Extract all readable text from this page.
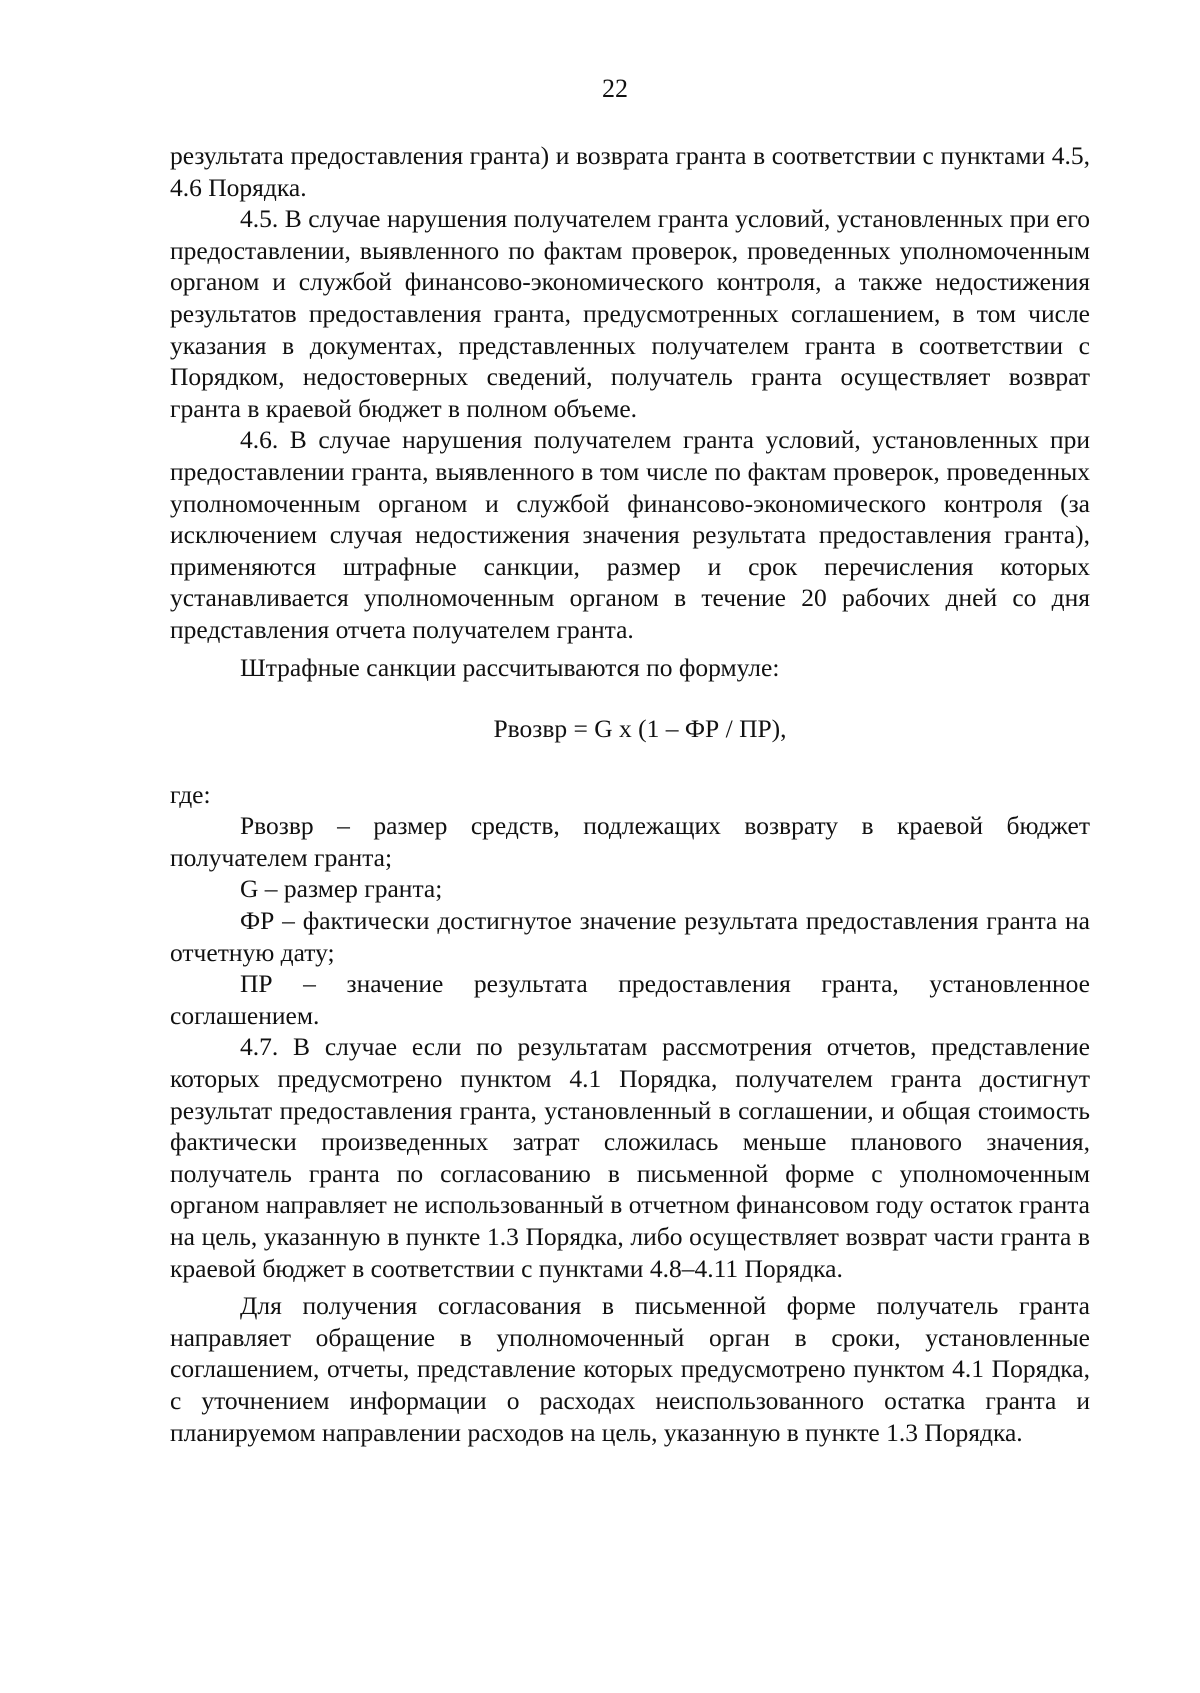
22

результата предоставления гранта) и возврата гранта в соответствии с пунктами 4.5, 4.6 Порядка.

4.5. В случае нарушения получателем гранта условий, установленных при его предоставлении, выявленного по фактам проверок, проведенных уполномоченным органом и службой финансово-экономического контроля, а также недостижения результатов предоставления гранта, предусмотренных соглашением, в том числе указания в документах, представленных получателем гранта в соответствии с Порядком, недостоверных сведений, получатель гранта осуществляет возврат гранта в краевой бюджет в полном объеме.

4.6. В случае нарушения получателем гранта условий, установленных при предоставлении гранта, выявленного в том числе по фактам проверок, проведенных уполномоченным органом и службой финансово-экономического контроля (за исключением случая недостижения значения результата предоставления гранта), применяются штрафные санкции, размер и срок перечисления которых устанавливается уполномоченным органом в течение 20 рабочих дней со дня представления отчета получателем гранта.

Штрафные санкции рассчитываются по формуле:

Рвозвр = G x (1 – ФР / ПР),

где:

Рвозвр – размер средств, подлежащих возврату в краевой бюджет получателем гранта;

G – размер гранта;

ФР – фактически достигнутое значение результата предоставления гранта на отчетную дату;

ПР – значение результата предоставления гранта, установленное соглашением.

4.7. В случае если по результатам рассмотрения отчетов, представление которых предусмотрено пунктом 4.1 Порядка, получателем гранта достигнут результат предоставления гранта, установленный в соглашении, и общая стоимость фактически произведенных затрат сложилась меньше планового значения, получатель гранта по согласованию в письменной форме с уполномоченным органом направляет не использованный в отчетном финансовом году остаток гранта на цель, указанную в пункте 1.3 Порядка, либо осуществляет возврат части гранта в краевой бюджет в соответствии с пунктами 4.8–4.11 Порядка.

Для получения согласования в письменной форме получатель гранта направляет обращение в уполномоченный орган в сроки, установленные соглашением, отчеты, представление которых предусмотрено пунктом 4.1 Порядка, с уточнением информации о расходах неиспользованного остатка гранта и планируемом направлении расходов на цель, указанную в пункте 1.3 Порядка.
